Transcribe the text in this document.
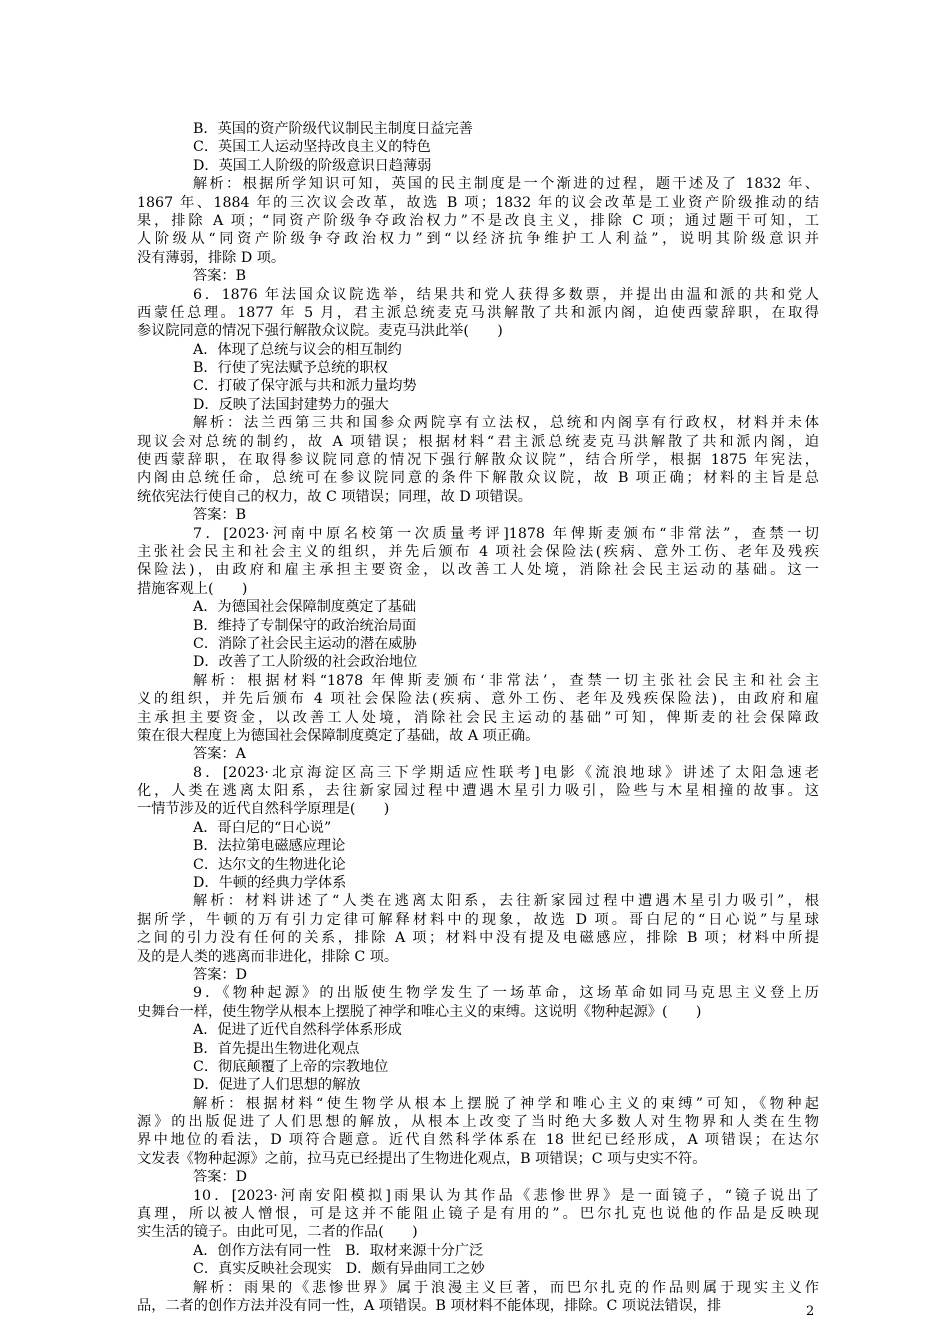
B．英国的资产阶级代议制民主制度日益完善
C．英国工人运动坚持改良主义的特色
D．英国工人阶级的阶级意识日趋薄弱
解析：根据所学知识可知，英国的民主制度是一个渐进的过程，题干述及了 1832 年、
1867 年、1884 年的三次议会改革，故选 B 项；1832 年的议会改革是工业资产阶级推动的结
果，排除 A 项；“同资产阶级争夺政治权力”不是改良主义，排除 C 项；通过题干可知，工
人阶级从“同资产阶级争夺政治权力”到“以经济抗争维护工人利益”，说明其阶级意识并
没有薄弱，排除 D 项。
答案：B
6．1876 年法国众议院选举，结果共和党人获得多数票，并提出由温和派的共和党人
西蒙任总理。1877 年 5 月，君主派总统麦克马洪解散了共和派内阁，迫使西蒙辞职，在取得
参议院同意的情况下强行解散众议院。麦克马洪此举(　　)
A．体现了总统与议会的相互制约
B．行使了宪法赋予总统的职权
C．打破了保守派与共和派力量均势
D．反映了法国封建势力的强大
解析：法兰西第三共和国参众两院享有立法权，总统和内阁享有行政权，材料并未体
现议会对总统的制约，故 A 项错误；根据材料“君主派总统麦克马洪解散了共和派内阁，迫
使西蒙辞职，在取得参议院同意的情况下强行解散众议院”，结合所学，根据 1875 年宪法，
内阁由总统任命，总统可在参议院同意的条件下解散众议院，故 B 项正确；材料的主旨是总
统依宪法行使自己的权力，故 C 项错误；同理，故 D 项错误。
答案：B
7．[2023·河南中原名校第一次质量考评]1878 年俾斯麦颁布“非常法”，查禁一切
主张社会民主和社会主义的组织，并先后颁布 4 项社会保险法(疾病、意外工伤、老年及残疾
保险法)，由政府和雇主承担主要资金，以改善工人处境，消除社会民主运动的基础。这一
措施客观上(　　)
A．为德国社会保障制度奠定了基础
B．维持了专制保守的政治统治局面
C．消除了社会民主运动的潜在威胁
D．改善了工人阶级的社会政治地位
解析：根据材料“1878 年俾斯麦颁布‘非常法’，查禁一切主张社会民主和社会主
义的组织，并先后颁布 4 项社会保险法(疾病、意外工伤、老年及残疾保险法)，由政府和雇
主承担主要资金，以改善工人处境，消除社会民主运动的基础”可知，俾斯麦的社会保障政
策在很大程度上为德国社会保障制度奠定了基础，故 A 项正确。
答案：A
8．[2023·北京海淀区高三下学期适应性联考]电影《流浪地球》讲述了太阳急速老
化，人类在逃离太阳系，去往新家园过程中遭遇木星引力吸引，险些与木星相撞的故事。这
一情节涉及的近代自然科学原理是(　　)
A．哥白尼的“日心说”
B．法拉第电磁感应理论
C．达尔文的生物进化论
D．牛顿的经典力学体系
解析：材料讲述了“人类在逃离太阳系，去往新家园过程中遭遇木星引力吸引”，根
据所学，牛顿的万有引力定律可解释材料中的现象，故选 D 项。哥白尼的“日心说”与星球
之间的引力没有任何的关系，排除 A 项；材料中没有提及电磁感应，排除 B 项；材料中所提
及的是人类的逃离而非进化，排除 C 项。
答案：D
9．《物种起源》的出版使生物学发生了一场革命，这场革命如同马克思主义登上历
史舞台一样，使生物学从根本上摆脱了神学和唯心主义的束缚。这说明《物种起源》(　　)
A．促进了近代自然科学体系形成
B．首先提出生物进化观点
C．彻底颠覆了上帝的宗教地位
D．促进了人们思想的解放
解析：根据材料“使生物学从根本上摆脱了神学和唯心主义的束缚”可知，《物种起
源》的出版促进了人们思想的解放，从根本上改变了当时绝大多数人对生物界和人类在生物
界中地位的看法，D 项符合题意。近代自然科学体系在 18 世纪已经形成，A 项错误；在达尔
文发表《物种起源》之前，拉马克已经提出了生物进化观点，B 项错误；C 项与史实不符。
答案：D
10．[2023·河南安阳模拟]雨果认为其作品《悲惨世界》是一面镜子，“镜子说出了
真理，所以被人憎恨，可是这并不能阻止镜子是有用的”。巴尔扎克也说他的作品是反映现
实生活的镜子。由此可见，二者的作品(　　)
A．创作方法有同一性　B．取材来源十分广泛
C．真实反映社会现实　D．颇有异曲同工之妙
解析：雨果的《悲惨世界》属于浪漫主义巨著，而巴尔扎克的作品则属于现实主义作
品，二者的创作方法并没有同一性，A 项错误。B 项材料不能体现，排除。C 项说法错误，排	2
